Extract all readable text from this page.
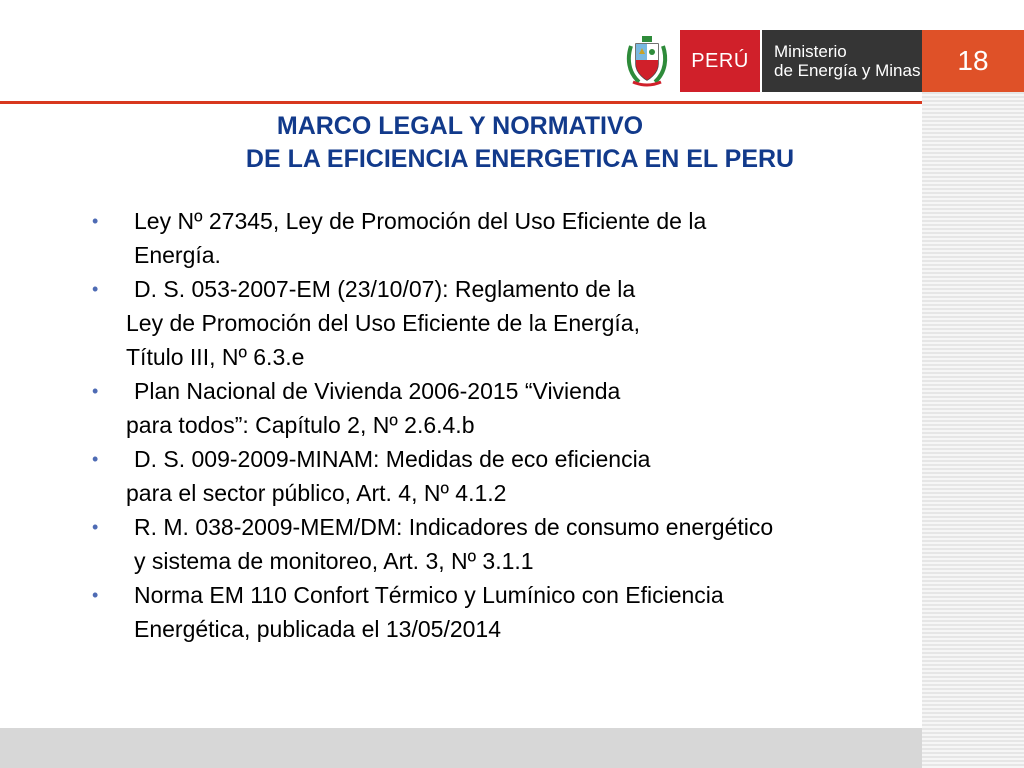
18
PERÚ Ministerio
de Energía y Minas
MARCO LEGAL Y NORMATIVO
DE LA EFICIENCIA ENERGETICA EN EL PERU
• Ley Nº 27345, Ley de Promoción del Uso Eficiente de la
Energía.
• D. S. 053-2007-EM (23/10/07): Reglamento de la
Ley de Promoción del Uso Eficiente de la Energía,
Título III, Nº 6.3.e
• Plan Nacional de Vivienda 2006-2015 “Vivienda
para todos”: Capítulo 2, Nº 2.6.4.b
• D. S. 009-2009-MINAM: Medidas de eco eficiencia
para el sector público, Art. 4, Nº 4.1.2
• R. M. 038-2009-MEM/DM: Indicadores de consumo energético
y sistema de monitoreo, Art. 3, Nº 3.1.1
• Norma EM 110 Confort Térmico y Lumínico con Eficiencia
Energética, publicada el 13/05/2014
